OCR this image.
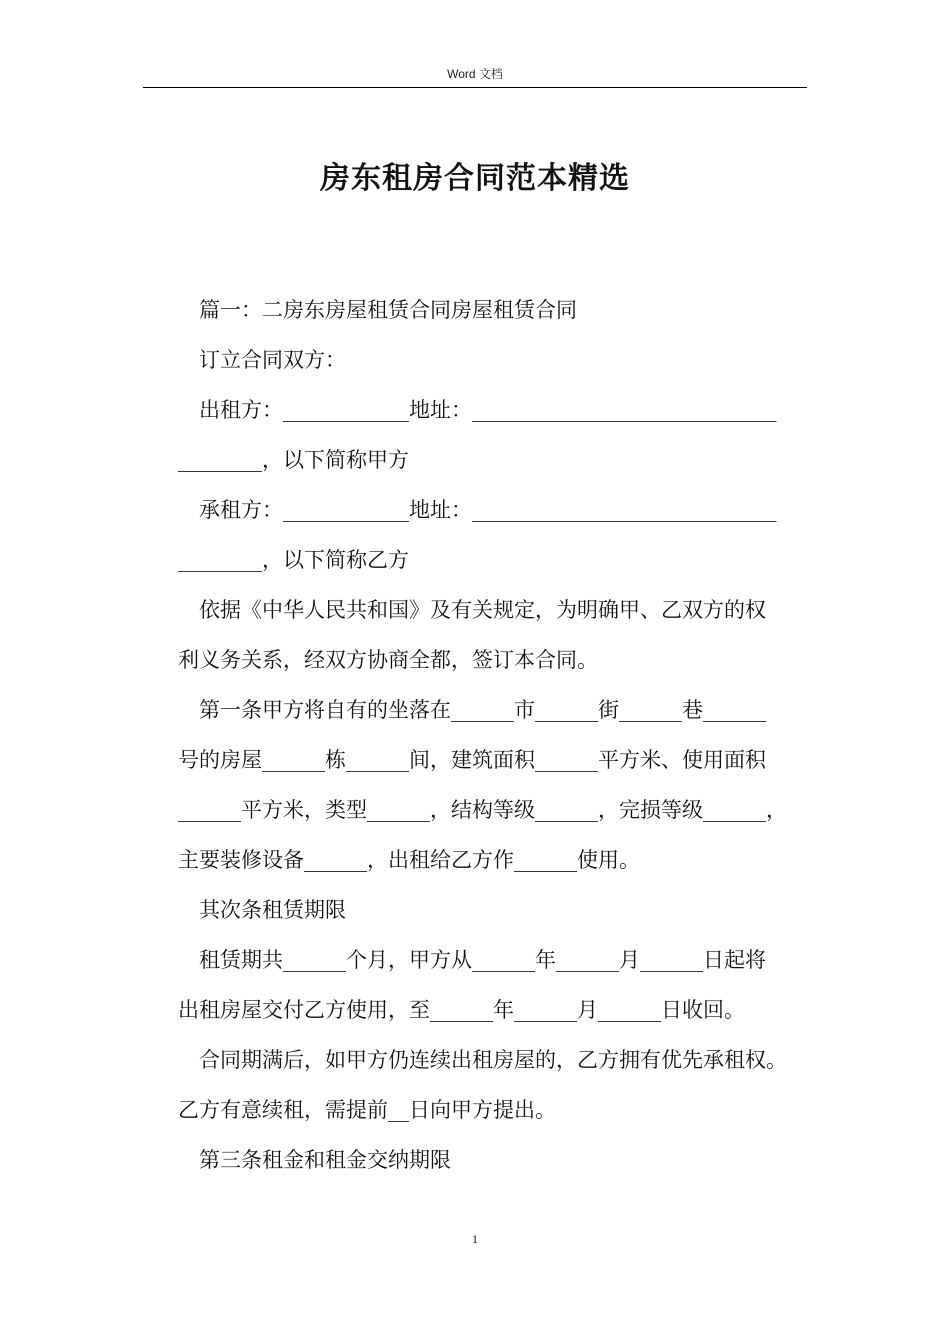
Word 文档
房东租房合同范本精选

篇一：二房东房屋租赁合同房屋租赁合同

订立合同双方：

出租方：____________地址：_____________________________

________，以下简称甲方

承租方：____________地址：_____________________________

________，以下简称乙方

依据《中华人民共和国》及有关规定，为明确甲、乙双方的权

利义务关系，经双方协商全都，签订本合同。

第一条甲方将自有的坐落在______市______街______巷______

号的房屋______栋______间，建筑面积______平方米、使用面积

______平方米，类型______，结构等级______，完损等级______，

主要装修设备______，出租给乙方作______使用。

其次条租赁期限

租赁期共______个月，甲方从______年______月______日起将

出租房屋交付乙方使用，至______年______月______日收回。

合同期满后，如甲方仍连续出租房屋的，乙方拥有优先承租权。

乙方有意续租，需提前__日向甲方提出。

第三条租金和租金交纳期限

1
